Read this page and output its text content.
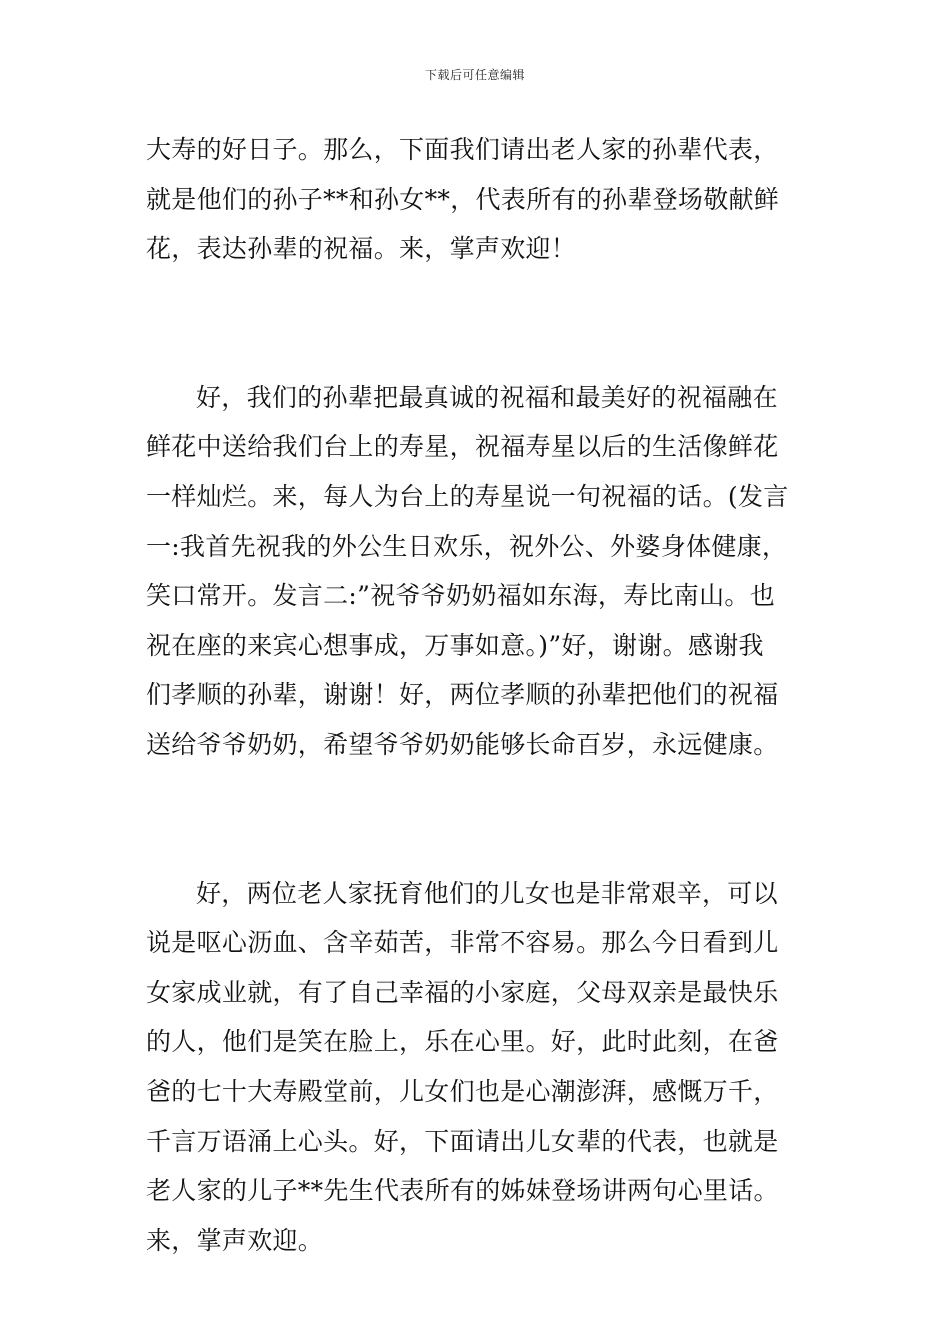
下载后可任意编辑
大寿的好日子。那么，下面我们请出老人家的孙辈代表，
就是他们的孙子**和孙女**，代表所有的孙辈登场敬献鲜
花，表达孙辈的祝福。来，掌声欢迎！
好，我们的孙辈把最真诚的祝福和最美好的祝福融在
鲜花中送给我们台上的寿星，祝福寿星以后的生活像鲜花
一样灿烂。来，每人为台上的寿星说一句祝福的话。(发言
一:我首先祝我的外公生日欢乐，祝外公、外婆身体健康，
笑口常开。发言二:”祝爷爷奶奶福如东海，寿比南山。也
祝在座的来宾心想事成，万事如意。)”好，谢谢。感谢我
们孝顺的孙辈，谢谢！好，两位孝顺的孙辈把他们的祝福
送给爷爷奶奶，希望爷爷奶奶能够长命百岁，永远健康。
好，两位老人家抚育他们的儿女也是非常艰辛，可以
说是呕心沥血、含辛茹苦，非常不容易。那么今日看到儿
女家成业就，有了自己幸福的小家庭，父母双亲是最快乐
的人，他们是笑在脸上，乐在心里。好，此时此刻，在爸
爸的七十大寿殿堂前，儿女们也是心潮澎湃，感慨万千，
千言万语涌上心头。好，下面请出儿女辈的代表，也就是
老人家的儿子**先生代表所有的姊妹登场讲两句心里话。
来，掌声欢迎。
